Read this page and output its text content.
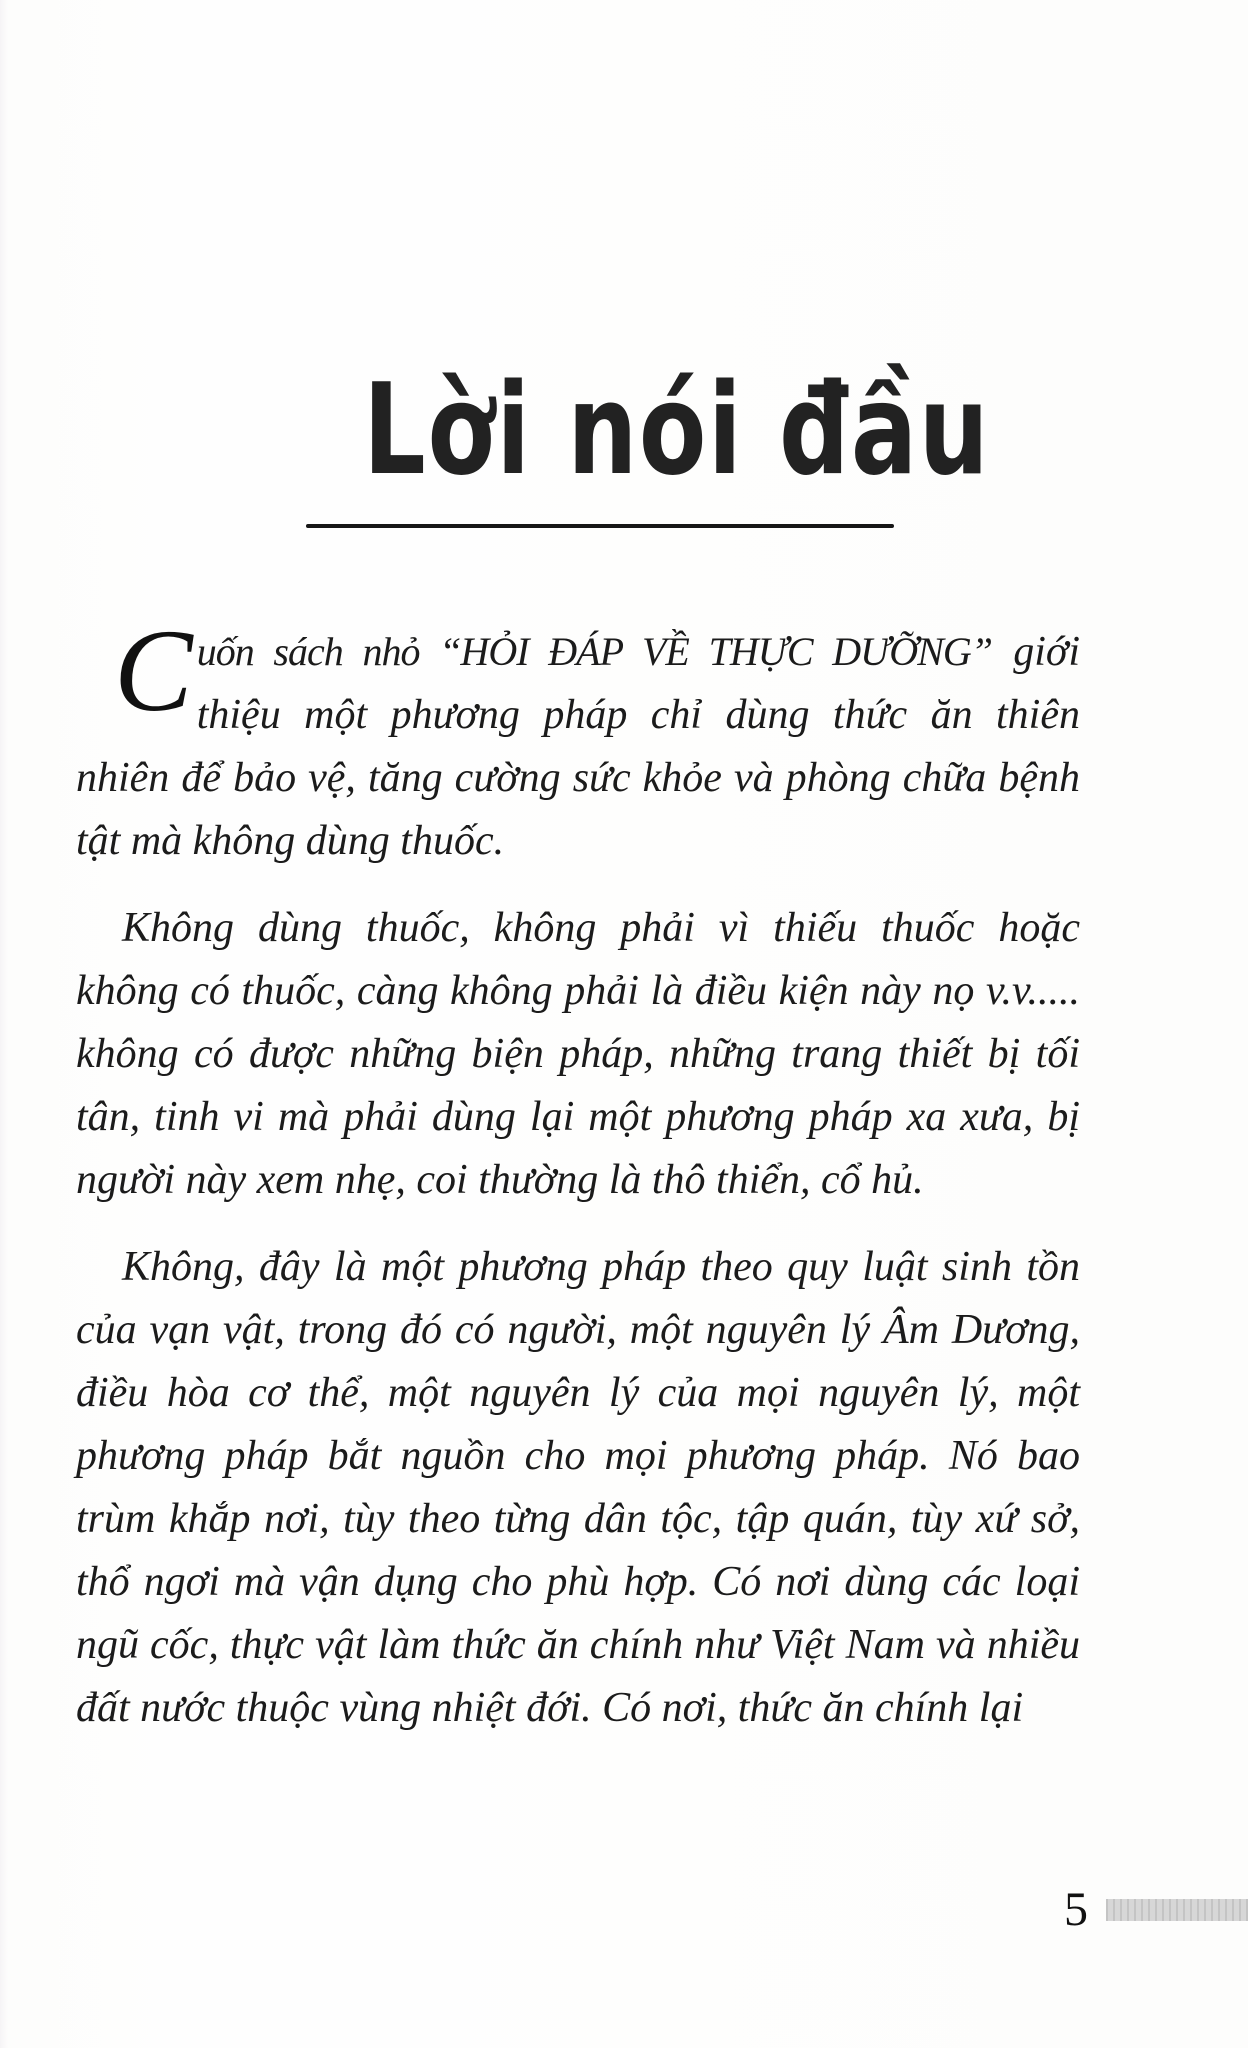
Lời nói đầu

Cuốn sách nhỏ “HỎI ĐÁP VỀ THỰC DƯỠNG” giới thiệu một phương pháp chỉ dùng thức ăn thiên nhiên để bảo vệ, tăng cường sức khỏe và phòng chữa bệnh tật mà không dùng thuốc.

Không dùng thuốc, không phải vì thiếu thuốc hoặc không có thuốc, càng không phải là điều kiện này nọ v.v..... không có được những biện pháp, những trang thiết bị tối tân, tinh vi mà phải dùng lại một phương pháp xa xưa, bị người này xem nhẹ, coi thường là thô thiển, cổ hủ.

Không, đây là một phương pháp theo quy luật sinh tồn của vạn vật, trong đó có người, một nguyên lý Âm Dương, điều hòa cơ thể, một nguyên lý của mọi nguyên lý, một phương pháp bắt nguồn cho mọi phương pháp. Nó bao trùm khắp nơi, tùy theo từng dân tộc, tập quán, tùy xứ sở, thổ ngơi mà vận dụng cho phù hợp. Có nơi dùng các loại ngũ cốc, thực vật làm thức ăn chính như Việt Nam và nhiều đất nước thuộc vùng nhiệt đới. Có nơi, thức ăn chính lại

5
